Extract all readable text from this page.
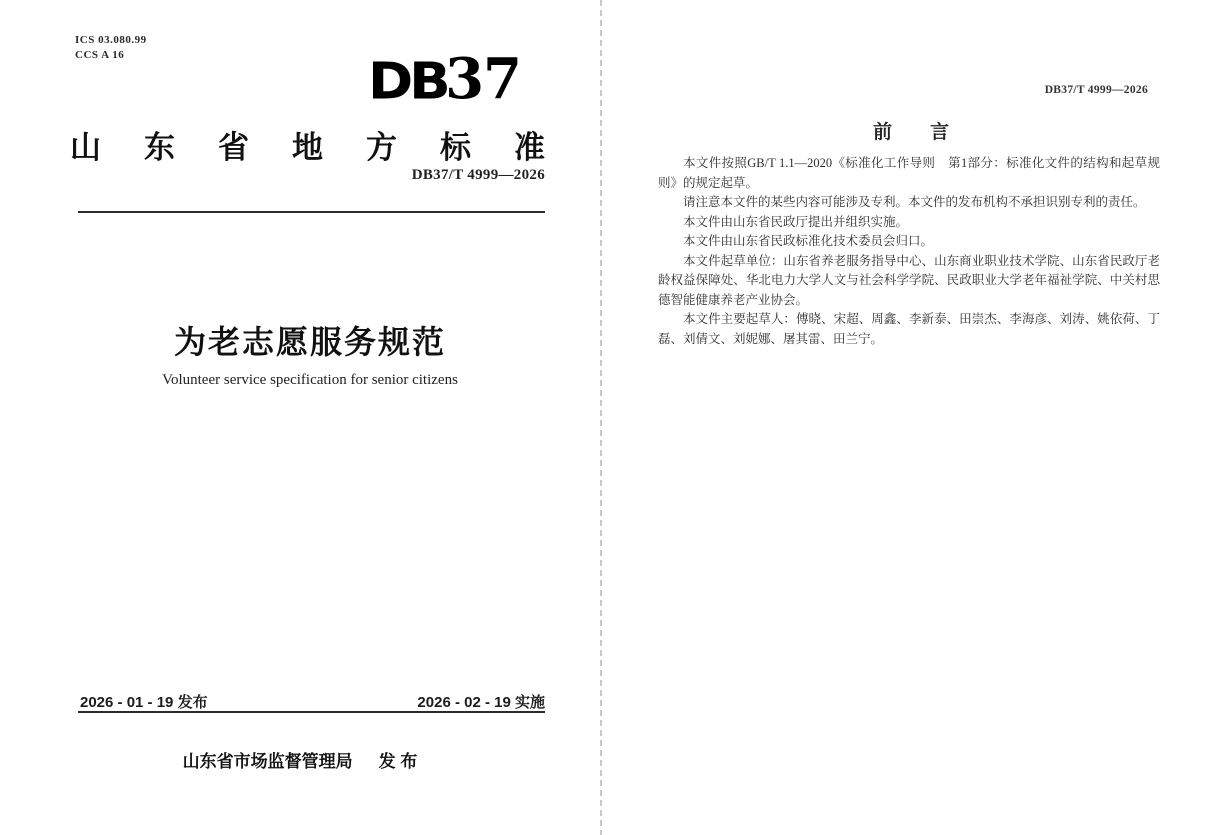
ICS 03.080.99
CCS A 16	DB37
山东省地方标准
DB37/T 4999—2026
为老志愿服务规范
Volunteer service specification for senior citizens
2026 - 01 - 19 发布	2026 - 02 - 19 实施
山东省市场监督管理局 发 布
DB37/T 4999—2026
前　　言

本文件按照GB/T 1.1—2020《标准化工作导则　第1部分：标准化文件的结构和起草规则》的规定起草。

请注意本文件的某些内容可能涉及专利。本文件的发布机构不承担识别专利的责任。

本文件由山东省民政厅提出并组织实施。

本文件由山东省民政标准化技术委员会归口。

本文件起草单位：山东省养老服务指导中心、山东商业职业技术学院、山东省民政厅老龄权益保障处、华北电力大学人文与社会科学学院、民政职业大学老年福祉学院、中关村思德智能健康养老产业协会。

本文件主要起草人：傅晓、宋超、周鑫、李新泰、田崇杰、李海彦、刘涛、姚依荷、丁磊、刘倩文、刘妮娜、屠其雷、田兰宁。
